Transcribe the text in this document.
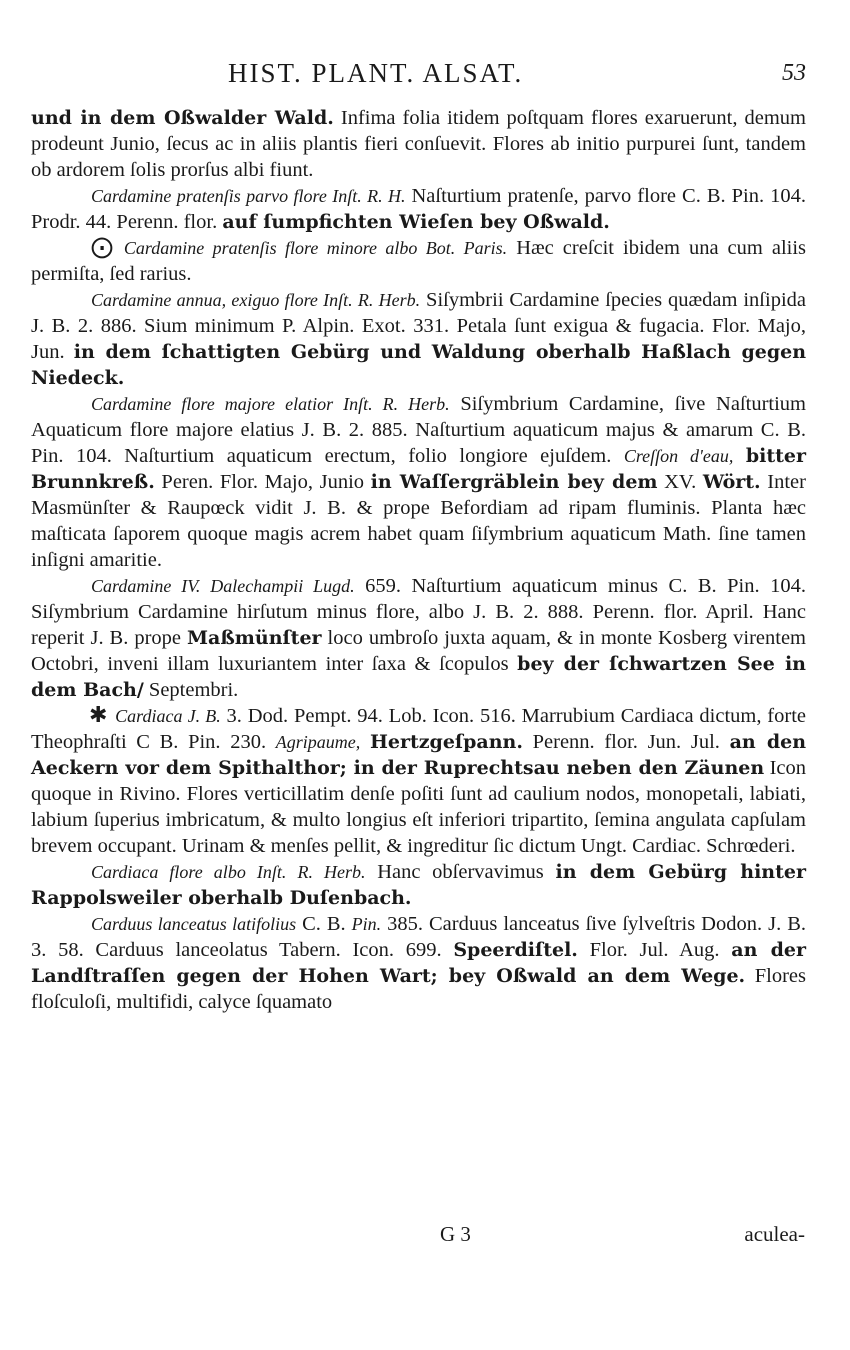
HIST. PLANT. ALSAT.	53

und in dem Oßwalder Wald. Infima folia itidem poſtquam flores exaruerunt, demum prodeunt Junio, ſecus ac in aliis plantis fieri conſuevit. Flores ab initio purpurei ſunt, tandem ob ardorem ſolis prorſus albi fiunt.

Cardamine pratenſis parvo flore Inſt. R. H. Naſturtium pratenſe, parvo flore C. B. Pin. 104. Prodr. 44. Perenn. flor. auf ſumpfichten Wieſen bey Oßwald.

⨀ Cardamine pratenſis flore minore albo Bot. Paris. Hæc creſcit ibidem una cum aliis permiſta, ſed rarius.

Cardamine annua, exiguo flore Inſt. R. Herb. Siſymbrii Cardamine ſpecies quædam inſipida J. B. 2. 886. Sium minimum P. Alpin. Exot. 331. Petala ſunt exigua & fugacia. Flor. Majo, Jun. in dem ſchattigten Gebürg und Waldung oberhalb Haßlach gegen Niedeck.

Cardamine flore majore elatior Inſt. R. Herb. Siſymbrium Cardamine, ſive Naſturtium Aquaticum flore majore elatius J. B. 2. 885. Naſturtium aquaticum majus & amarum C. B. Pin. 104. Naſturtium aquaticum erectum, folio longiore ejuſdem. Creſſon d'eau, bitter Brunnkreß. Peren. Flor. Majo, Junio in Waſſergräblein bey dem XV. Wört. Inter Masmünſter & Raupœck vidit J. B. & prope Befordiam ad ripam fluminis. Planta hæc maſticata ſaporem quoque magis acrem habet quam ſiſymbrium aquaticum Math. ſine tamen inſigni amaritie.

Cardamine IV. Dalechampii Lugd. 659. Naſturtium aquaticum minus C. B. Pin. 104. Siſymbrium Cardamine hirſutum minus flore, albo J. B. 2. 888. Perenn. flor. April. Hanc reperit J. B. prope Maßmünſter loco umbroſo juxta aquam, & in monte Kosberg virentem Octobri, inveni illam luxuriantem inter ſaxa & ſcopulos bey der ſchwartzen See in dem Bach/ Septembri.

✱ Cardiaca J. B. 3. Dod. Pempt. 94. Lob. Icon. 516. Marrubium Cardiaca dictum, forte Theophraſti C B. Pin. 230. Agripaume, Hertzgeſpann. Perenn. flor. Jun. Jul. an den Aeckern vor dem Spithalthor; in der Ruprechtsau neben den Zäunen Icon quoque in Rivino. Flores verticillatim denſe poſiti ſunt ad caulium nodos, monopetali, labiati, labium ſuperius imbricatum, & multo longius eſt inferiori tripartito, ſemina angulata capſulam brevem occupant. Urinam & menſes pellit, & ingreditur ſic dictum Ungt. Cardiac. Schrœderi.

Cardiaca flore albo Inſt. R. Herb. Hanc obſervavimus in dem Gebürg hinter Rappolsweiler oberhalb Duſenbach.

Carduus lanceatus latifolius C. B. Pin. 385. Carduus lanceatus ſive ſylveſtris Dodon. J. B. 3. 58. Carduus lanceolatus Tabern. Icon. 699. Speerdiſtel. Flor. Jul. Aug. an der Landſtraſſen gegen der Hohen Wart; bey Oßwald an dem Wege. Flores floſculoſi, multifidi, calyce ſquamato

G 3	aculea-
